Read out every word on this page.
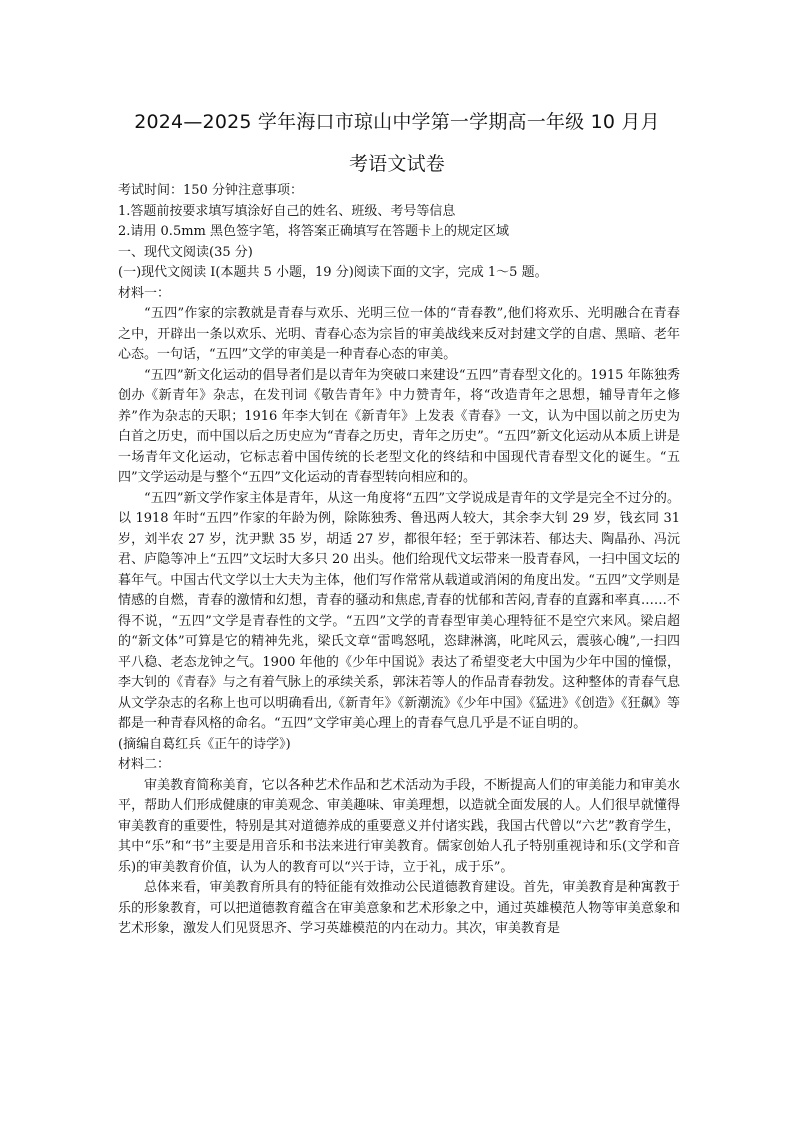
2024—2025 学年海口市琼山中学第一学期高一年级 10 月月
考语文试卷

考试时间：150 分钟注意事项：

1.答题前按要求填写填涂好自己的姓名、班级、考号等信息

2.请用 0.5mm 黑色签字笔，将答案正确填写在答题卡上的规定区域

一、现代文阅读(35 分)

(一)现代文阅读 I(本题共 5 小题，19 分)阅读下面的文字，完成 1～5 题。

材料一：

“五四”作家的宗教就是青春与欢乐、光明三位一体的“青春教”,他们将欢乐、光明融合在青春之中，开辟出一条以欢乐、光明、青春心态为宗旨的审美战线来反对封建文学的自虐、黑暗、老年心态。一句话，“五四”文学的审美是一种青春心态的审美。

“五四”新文化运动的倡导者们是以青年为突破口来建设“五四”青春型文化的。1915 年陈独秀创办《新青年》杂志，在发刊词《敬告青年》中力赞青年，将“改造青年之思想，辅导青年之修养”作为杂志的天职；1916 年李大钊在《新青年》上发表《青春》一文，认为中国以前之历史为白首之历史，而中国以后之历史应为“青春之历史，青年之历史”。“五四”新文化运动从本质上讲是一场青年文化运动，它标志着中国传统的长老型文化的终结和中国现代青春型文化的诞生。“五四”文学运动是与整个“五四”文化运动的青春型转向相应和的。

“五四”新文学作家主体是青年，从这一角度将“五四”文学说成是青年的文学是完全不过分的。以 1918 年时“五四”作家的年龄为例，除陈独秀、鲁迅两人较大，其余李大钊 29 岁，钱玄同 31 岁，刘半农 27 岁，沈尹默 35 岁，胡适 27 岁，都很年轻；至于郭沫若、郁达夫、陶晶孙、冯沅君、庐隐等冲上“五四”文坛时大多只 20 出头。他们给现代文坛带来一股青春风，一扫中国文坛的暮年气。中国古代文学以士大夫为主体，他们写作常常从载道或消闲的角度出发。“五四”文学则是情感的自燃，青春的激情和幻想，青春的骚动和焦虑,青春的忧郁和苦闷,青春的直露和率真……不得不说，“五四”文学是青春性的文学。“五四”文学的青春型审美心理特征不是空穴来风。梁启超的“新文体”可算是它的精神先兆，梁氏文章“雷鸣怒吼，恣肆淋漓，叱咤风云，震骇心魄”,一扫四平八稳、老态龙钟之气。1900 年他的《少年中国说》表达了希望变老大中国为少年中国的憧憬，李大钊的《青春》与之有着气脉上的承续关系，郭沫若等人的作品青春勃发。这种整体的青春气息从文学杂志的名称上也可以明确看出,《新青年》《新潮流》《少年中国》《猛进》《创造》《狂飙》等都是一种青春风格的命名。“五四”文学审美心理上的青春气息几乎是不证自明的。

(摘编自葛红兵《正午的诗学》)

材料二：

审美教育简称美育，它以各种艺术作品和艺术活动为手段，不断提高人们的审美能力和审美水平，帮助人们形成健康的审美观念、审美趣味、审美理想，以造就全面发展的人。人们很早就懂得审美教育的重要性，特别是其对道德养成的重要意义并付诸实践，我国古代曾以“六艺”教育学生，其中“乐”和“书”主要是用音乐和书法来进行审美教育。儒家创始人孔子特别重视诗和乐(文学和音乐)的审美教育价值，认为人的教育可以“兴于诗，立于礼，成于乐”。

总体来看，审美教育所具有的特征能有效推动公民道德教育建设。首先，审美教育是种寓教于乐的形象教育，可以把道德教育蕴含在审美意象和艺术形象之中，通过英雄模范人物等审美意象和艺术形象，激发人们见贤思齐、学习英雄模范的内在动力。其次，审美教育是
